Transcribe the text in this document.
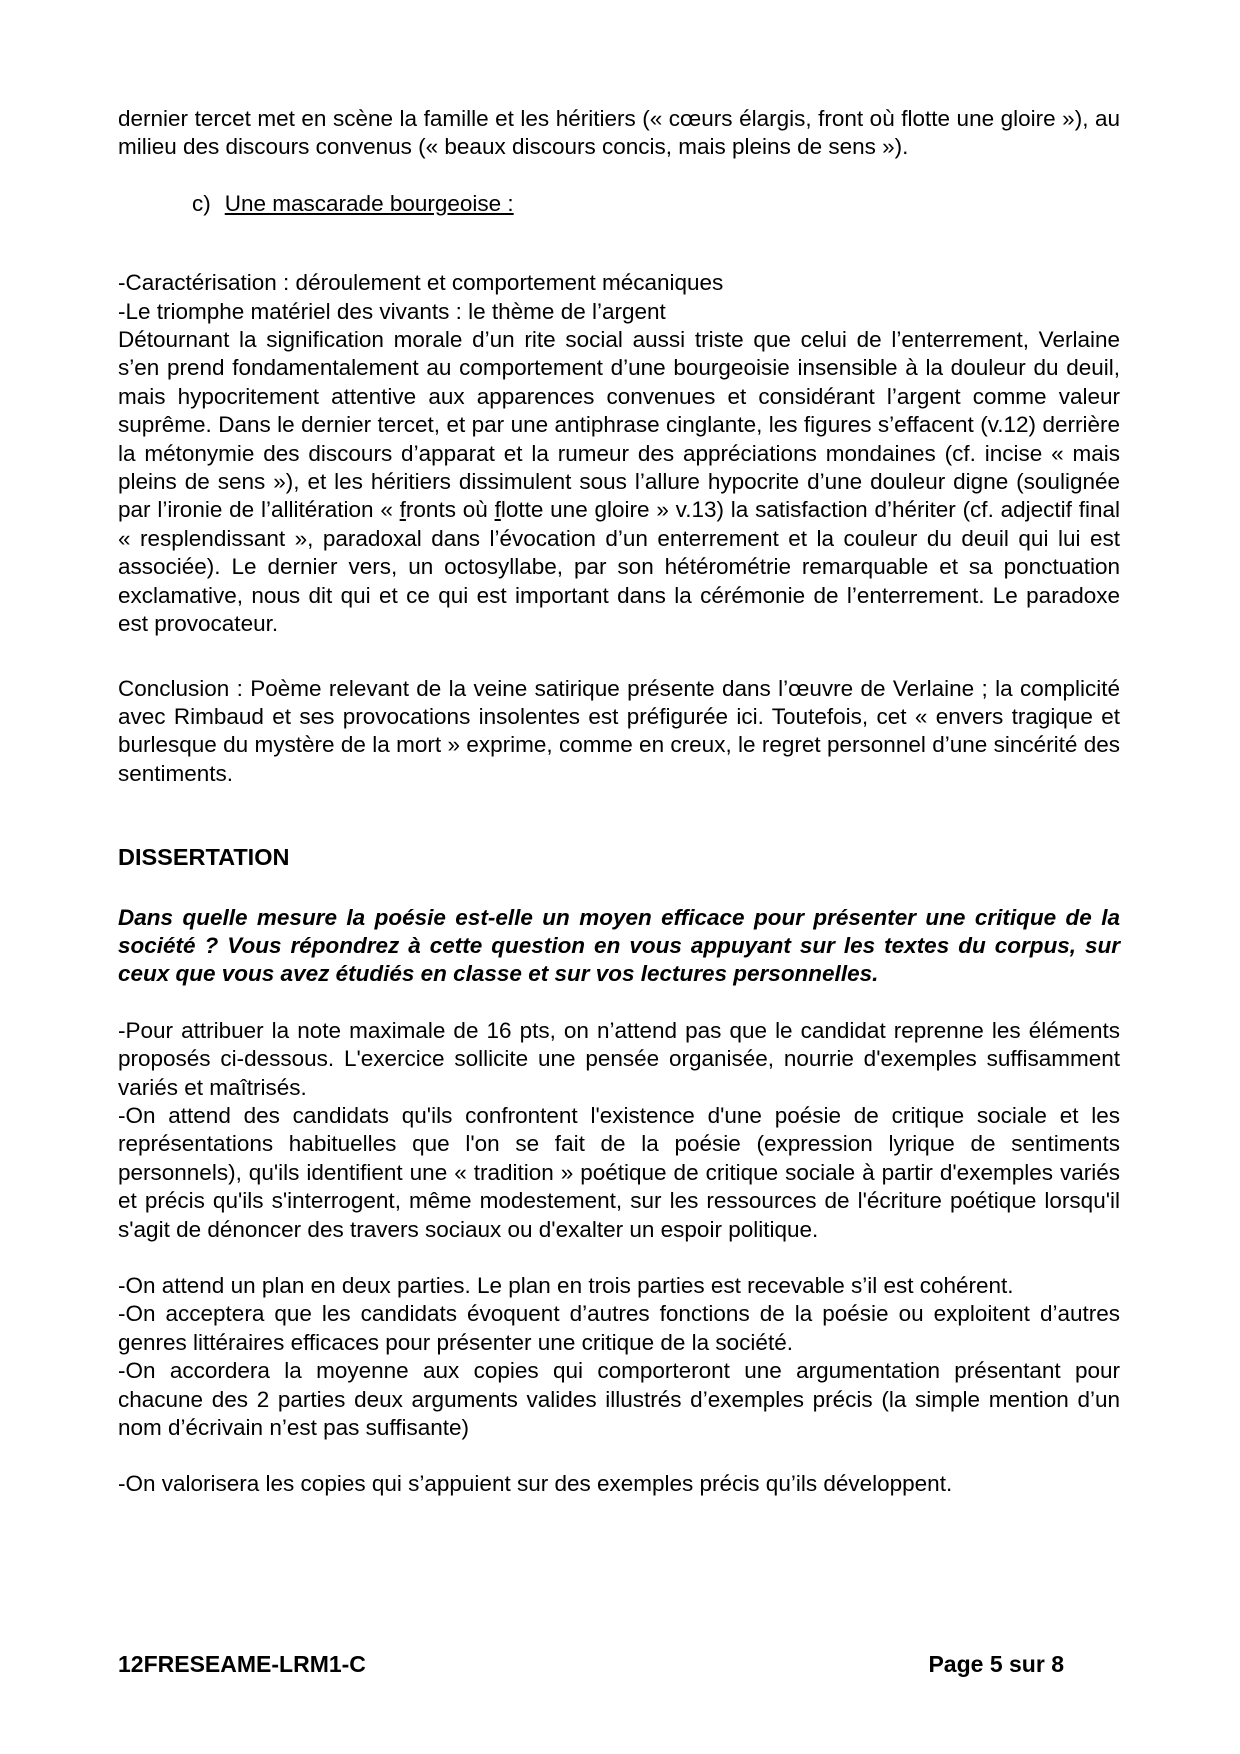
dernier tercet met en scène la famille et les héritiers (« cœurs élargis, front où flotte une gloire »), au milieu des discours convenus (« beaux discours concis, mais pleins de sens »).

c) Une mascarade bourgeoise :

-Caractérisation : déroulement et comportement mécaniques

-Le triomphe matériel des vivants : le thème de l’argent

Détournant la signification morale d’un rite social aussi triste que celui de l’enterrement, Verlaine s’en prend fondamentalement au comportement d’une bourgeoisie insensible à la douleur du deuil, mais hypocritement attentive aux apparences convenues et considérant l’argent comme valeur suprême. Dans le dernier tercet, et par une antiphrase cinglante, les figures s’effacent (v.12) derrière la métonymie des discours d’apparat et la rumeur des appréciations mondaines (cf. incise « mais pleins de sens »), et les héritiers dissimulent sous l’allure hypocrite d’une douleur digne (soulignée par l’ironie de l’allitération « fronts où flotte une gloire » v.13) la satisfaction d’hériter (cf. adjectif final « resplendissant », paradoxal dans l’évocation d’un enterrement et la couleur du deuil qui lui est associée). Le dernier vers, un octosyllabe, par son hétérométrie remarquable et sa ponctuation exclamative, nous dit qui et ce qui est important dans la cérémonie de l’enterrement. Le paradoxe est provocateur.

Conclusion : Poème relevant de la veine satirique présente dans l’œuvre de Verlaine ; la complicité avec Rimbaud et ses provocations insolentes est préfigurée ici. Toutefois, cet « envers tragique et burlesque du mystère de la mort » exprime, comme en creux, le regret personnel d’une sincérité des sentiments.

DISSERTATION

Dans quelle mesure la poésie est-elle un moyen efficace pour présenter une critique de la société ? Vous répondrez à cette question en vous appuyant sur les textes du corpus, sur ceux que vous avez étudiés en classe et sur vos lectures personnelles.

-Pour attribuer la note maximale de 16 pts, on n’attend pas que le candidat reprenne les éléments proposés ci-dessous. L'exercice sollicite une pensée organisée, nourrie d'exemples suffisamment variés et maîtrisés.

-On attend des candidats qu'ils confrontent l'existence d'une poésie de critique sociale et les représentations habituelles que l'on se fait de la poésie (expression lyrique de sentiments personnels), qu'ils identifient une « tradition » poétique de critique sociale à partir d'exemples variés et précis qu'ils s'interrogent, même modestement, sur les ressources de l'écriture poétique lorsqu'il s'agit de dénoncer des travers sociaux ou d'exalter un espoir politique.

-On attend un plan en deux parties. Le plan en trois parties est recevable s’il est cohérent.

-On acceptera que les candidats évoquent d’autres fonctions de la poésie ou exploitent d’autres genres littéraires efficaces pour présenter une critique de la société.

-On accordera la moyenne aux copies qui comporteront une argumentation présentant pour chacune des 2 parties deux arguments valides illustrés d’exemples précis (la simple mention d’un nom d’écrivain n’est pas suffisante)

-On valorisera les copies qui s’appuient sur des exemples précis qu’ils développent.

12FRESEAME-LRM1-C	Page 5 sur 8
